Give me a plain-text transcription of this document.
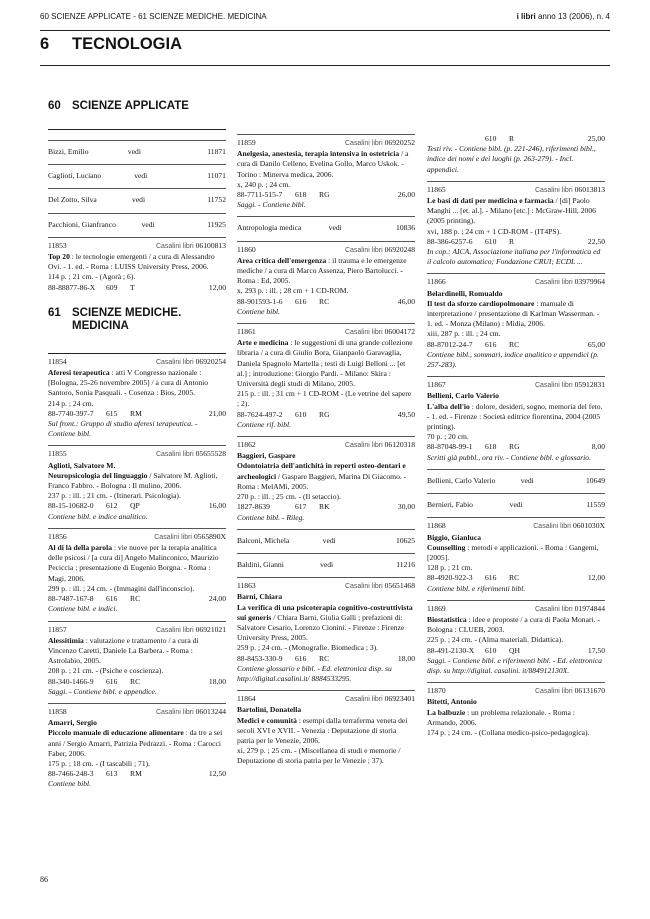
60 SCIENZE APPLICATE - 61 SCIENZE MEDICHE. MEDICINA	i libri anno 13 (2006), n. 4
6 TECNOLOGIA
60 SCIENZE APPLICATE
Bizzi, Emilio	vedi	11871
Caglioti, Luciano	vedi	11071
Del Zotto, Silva	vedi	11752
Pacchioni, Gianfranco	vedi	11925
11853	Casalini libri 06100813
Top 20 : le tecnologie emergenti / a cura di Alessandro Ovi. - 1. ed. - Roma : LUISS University Press, 2006.
114 p. ; 21 cm. - (Agorà ; 6).
88-88877-86-X	609	T	12,00
61 SCIENZE MEDICHE. MEDICINA
11854	Casalini libri 06920254
Aferesi terapeutica : atti V Congresso nazionale : [Bologna, 25-26 novembre 2005] / a cura di Antonio Santoro, Sonia Pasquali. - Cosenza : Bios, 2005.
214 p. ; 24 cm.
88-7740-397-7	615	RM	21,00
Sul front.: Gruppo di studio aferesi terapeutica. - Contiene bibl.
11855	Casalini libri 05655528
Aglioti, Salvatore M.
Neuropsicologia del linguaggio / Salvatore M. Aglioti, Franco Fabbro. - Bologna : Il mulino, 2006.
237 p. : ill. ; 21 cm. - (Itinerari. Psicologia).
88-15-10682-0	612	QP	16,00
Contiene bibl. e indice analitico.
11856	Casalini libri 0565890X
Al di là della parola : vie nuove per la terapia analitica delle psicosi / [a cura di] Angelo Malinconico, Maurizio Peciccia ; presentazione di Eugenio Borgna. - Roma : Magi, 2006.
299 p. : ill. ; 24 cm. - (Immagini dall'inconscio).
88-7487-167-8	616	RC	24,00
Contiene bibl. e indici.
11857	Casalini libri 06921021
Alessitimia : valutazione e trattamento / a cura di Vincenzo Caretti, Daniele La Barbera. - Roma : Astrolabio, 2005.
208 p. ; 21 cm. - (Psiche e coscienza).
88-340-1466-9	616	RC	18,00
Saggi. - Contiene bibl. e appendice.
11858	Casalini libri 06013244
Amarri, Sergio
Piccolo manuale di educazione alimentare : da tre a sei anni / Sergio Amarri, Patrizia Pedrazzi. - Roma : Carocci Faber, 2006.
175 p. ; 18 cm. - (I tascabili ; 71).
88-7466-248-3	613	RM	12,50
Contiene bibl.
11859	Casalini libri 06920252
Anelgesia, anestesia, terapia intensiva in ostetricia / a cura di Danilo Celleno, Evelina Gollo, Marco Uskok. - Torino : Minerva medica, 2006.
x, 240 p. ; 24 cm.
88-7711-515-7	618	RG	26,00
Saggi. - Contiene bibl.
Antropologia medica	vedi	10836
11860	Casalini libri 06920248
Area critica dell'emergenza : il trauma e le emergenze mediche / a cura di Marco Assenza, Piero Bartolucci. - Roma : Ed, 2005.
x, 293 p. : ill. ; 28 cm + 1 CD-ROM.
88-901593-1-6	616	RC	46,00
Contiene bibl.
11861	Casalini libri 06004172
Arte e medicina : le suggestioni di una grande collezione libraria / a cura di Giulio Bora, Gianpaolo Garavaglia, Daniela Spagnolo Martella ; testi di Luigi Belloni ... [et al.] ; introduzione: Giorgio Pardi. - Milano: Skira : Università degli studi di Milano, 2005.
215 p. : ill. ; 31 cm + 1 CD-ROM - (Le vetrine del sapere ; 2).
88-7624-497-2	610	RG	49,50
Contiene rif. bibl.
11862	Casalini libri 06120318
Baggieri, Gaspare
Odontoiatria dell'antichità in reperti osteo-dentari e archeologici / Gaspare Baggieri, Marina Di Giacomo. - Roma : MelAMi, 2005.
270 p. : ill. ; 25 cm. - (Il setaccio).
1827-8639	617	RK	30,00
Contiene bibl. - Rileg.
Balconi, Michela	vedi	10625
Baldini, Gianni	vedi	11216
11863	Casalini libri 05651468
Barni, Chiara
La verifica di una psicoterapia cognitivo-costruttivista sui generis / Chiara Barni, Giulia Galli ; prefazioni di: Salvatore Cesario, Lorenzo Cionini. - Firenze : Firenze University Press, 2005.
259 p. ; 24 cm. - (Monografie. Biomedica ; 3).
88-8453-330-9	616	RC	18,00
Contiene glossario e bibl. - Ed. elettronica disp. su http://digital.casalini.it/ 8884533295.
11864	Casalini libri 06923401
Bartolini, Donatella
Medici e comunità : esempi dalla terraferma veneta dei secoli XVI e XVII. - Venezia : Deputazione di storia patria per le Venezie, 2006.
xi, 279 p. ; 25 cm. - (Miscellanea di studi e memorie / Deputazione di storia patria per le Venezie ; 37).
610	R	25,00
Testi riv. - Contiene bibl. (p. 221-246), riferimenti bibl., indice dei nomi e dei luoghi (p. 263-279). - Incl. appendici.
11865	Casalini libri 06013813
Le basi di dati per medicina e farmacia / [di] Paolo Manghi ... [et. al.]. - Milano [etc.] : McGraw-Hill, 2006 (2005 printing).
xvi, 188 p. ; 24 cm + 1 CD-ROM - (IT4PS).
88-386-6257-6	610	R	22,50
In cop.: AICA, Associazione italiana per l'informatica ed il calcolo automatico; Fondazione CRUI; ECDL ...
11866	Casalini libri 03979964
Belardinelli, Romualdo
Il test da sforzo cardiopolmonare : manuale di interpretazione / presentazione di Karlman Wasserman. - 1. ed. - Monza (Milano) : Midia, 2006.
xiii, 287 p. : ill. ; 24 cm.
88-87012-24-7	616	RC	65,00
Contiene bibl., sommari, indice analitico e appendici (p. 257-283).
11867	Casalini libri 05912831
Bellieni, Carlo Valerio
L'alba dell'io : dolore, desideri, sogno, memoria del feto. - 1. ed. - Firenze : Società editrice fiorentina, 2004 (2005 printing).
70 p. ; 20 cm.
88-87048-99-1	618	RG	8,00
Scritti già pubbl., ora riv. - Contiene bibl. e glossario.
Bellieni, Carlo Valerio	vedi	10649
Bernieri, Fabio	vedi	11559
11868	Casalini libri 0601030X
Biggio, Gianluca
Counselling : metodi e applicazioni. - Roma : Gangemi, [2005].
128 p. ; 21 cm.
88-4920-922-3	616	RC	12,00
Contiene bibl. e riferimenti bibl.
11869	Casalini libri 01974844
Biostatistica : idee e proposte / a cura di Paola Monari. - Bologna : CLUEB, 2003.
225 p. ; 24 cm. - (Alma materiali. Didattica).
88-491-2130-X	610	QH	17,50
Saggi. - Contiene bibl. e riferimenti bibl. - Ed. elettronica disp. su http://digital. casalini. it/884912130X.
11870	Casalini libri 06131670
Bitetti, Antonio
La balbuzie : un problema relazionale. - Roma : Armando, 2006.
174 p. ; 24 cm. - (Collana medico-psico-pedagogica).
86
